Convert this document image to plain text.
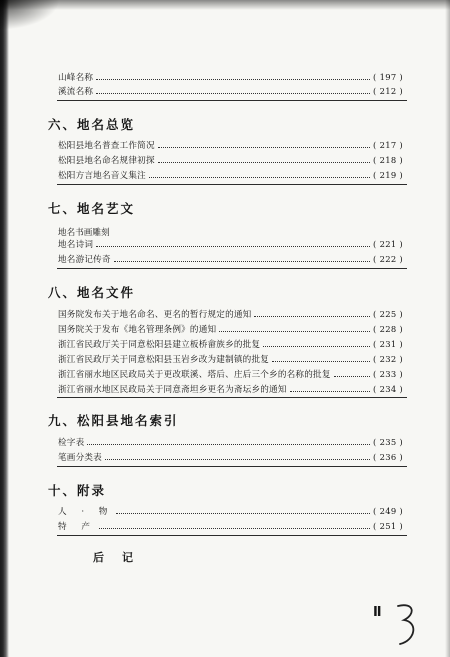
山峰名称	( 197 )
溪流名称	( 212 )
六、地名总览
松阳县地名普查工作简况	( 217 )
松阳县地名命名规律初探	( 218 )
松阳方言地名音义集注	( 219 )
七、地名艺文
地名书画雕刻
地名诗词	( 221 )
地名游记传奇	( 222 )
八、地名文件
国务院发布关于地名命名、更名的暂行规定的通知	( 225 )
国务院关于发布《地名管理条例》的通知	( 228 )
浙江省民政厅关于同意松阳县建立板桥畲族乡的批复	( 231 )
浙江省民政厅关于同意松阳县玉岩乡改为建制镇的批复	( 232 )
浙江省丽水地区民政局关于更改联溪、塔后、庄后三个乡的名称的批复	( 233 )
浙江省丽水地区民政局关于同意斋坦乡更名为斋坛乡的通知	( 234 )
九、松阳县地名索引
检字表	( 235 )
笔画分类表	( 236 )
十、附录
人 · 物	( 249 )
特 产	( 251 )
后记
Ⅱ
